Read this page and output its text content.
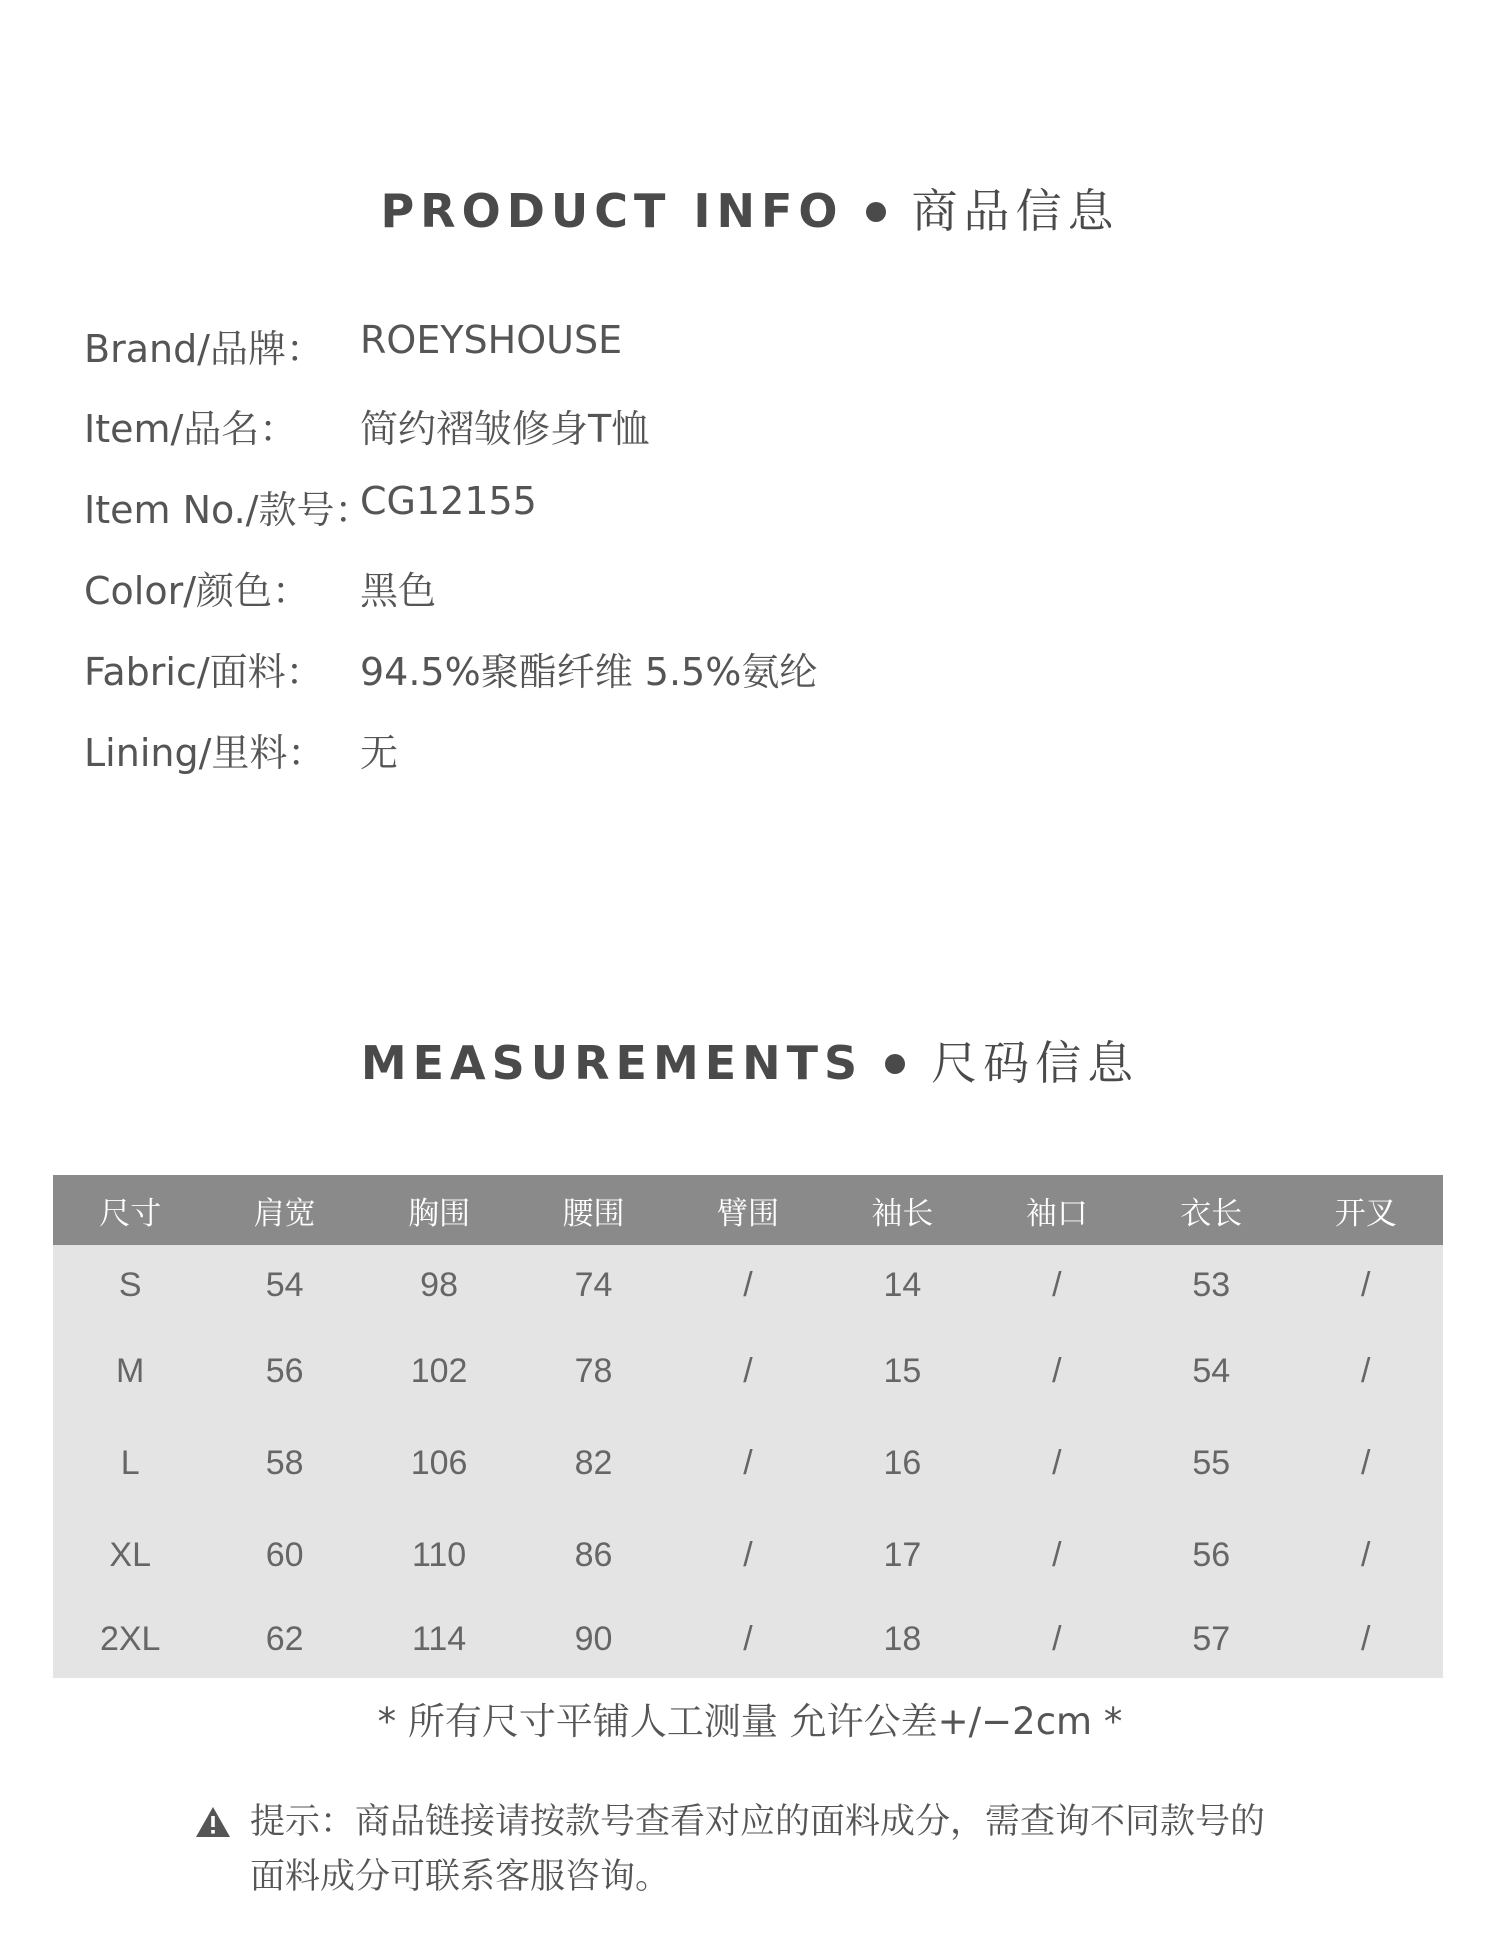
PRODUCT INFO 商品信息
Brand/品牌： ROEYSHOUSE
Item/品名： 简约褶皱修身T恤
Item No./款号：
CG12155
Color/颜色： 黑色
Fabric/面料： 94.5%聚酯纤维 5.5%氨纶
Lining/里料： 无
MEASUREMENTS 尺码信息
尺寸	肩宽	胸围	腰围	臂围	袖长	袖口	衣长	开叉
S	54	98	74	/	14	/	53	/
M	56	102	78	/	15	/	54	/
L	58	106	82	/	16	/	55	/
XL	60	110	86	/	17	/	56	/
2XL	62	114	90	/	18	/	57	/
* 所有尺寸平铺人工测量 允许公差+/−2cm *
提示：商品链接请按款号查看对应的面料成分，需查询不同款号的
面料成分可联系客服咨询。
